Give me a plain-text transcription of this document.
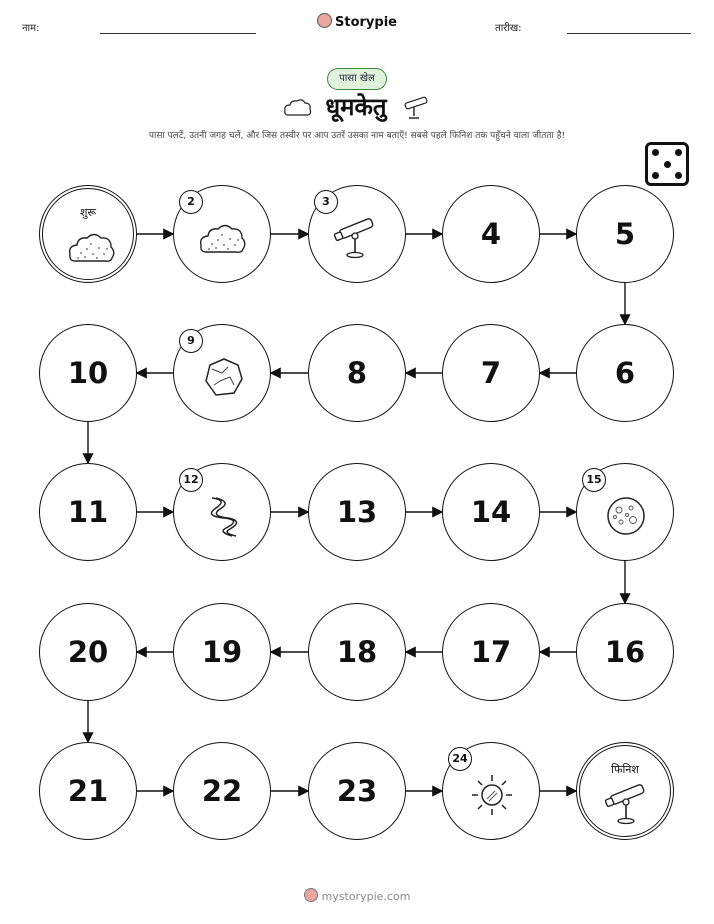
नाम:	Storypie	तारीख:
पासा खेल
धूमकेतु
पासा पलटें, उतनी जगह चलें, और जिस तस्वीर पर आप उतरें उसका नाम बताएँ! सबसे पहले फिनिश तक पहुँचने वाला जीतता है!
शुरू
2	3
4	5
6
7
8
9
10
11
12
13	14
15
16
17
18
19
20
21	22	23
24
फिनिश
mystorypie.com
